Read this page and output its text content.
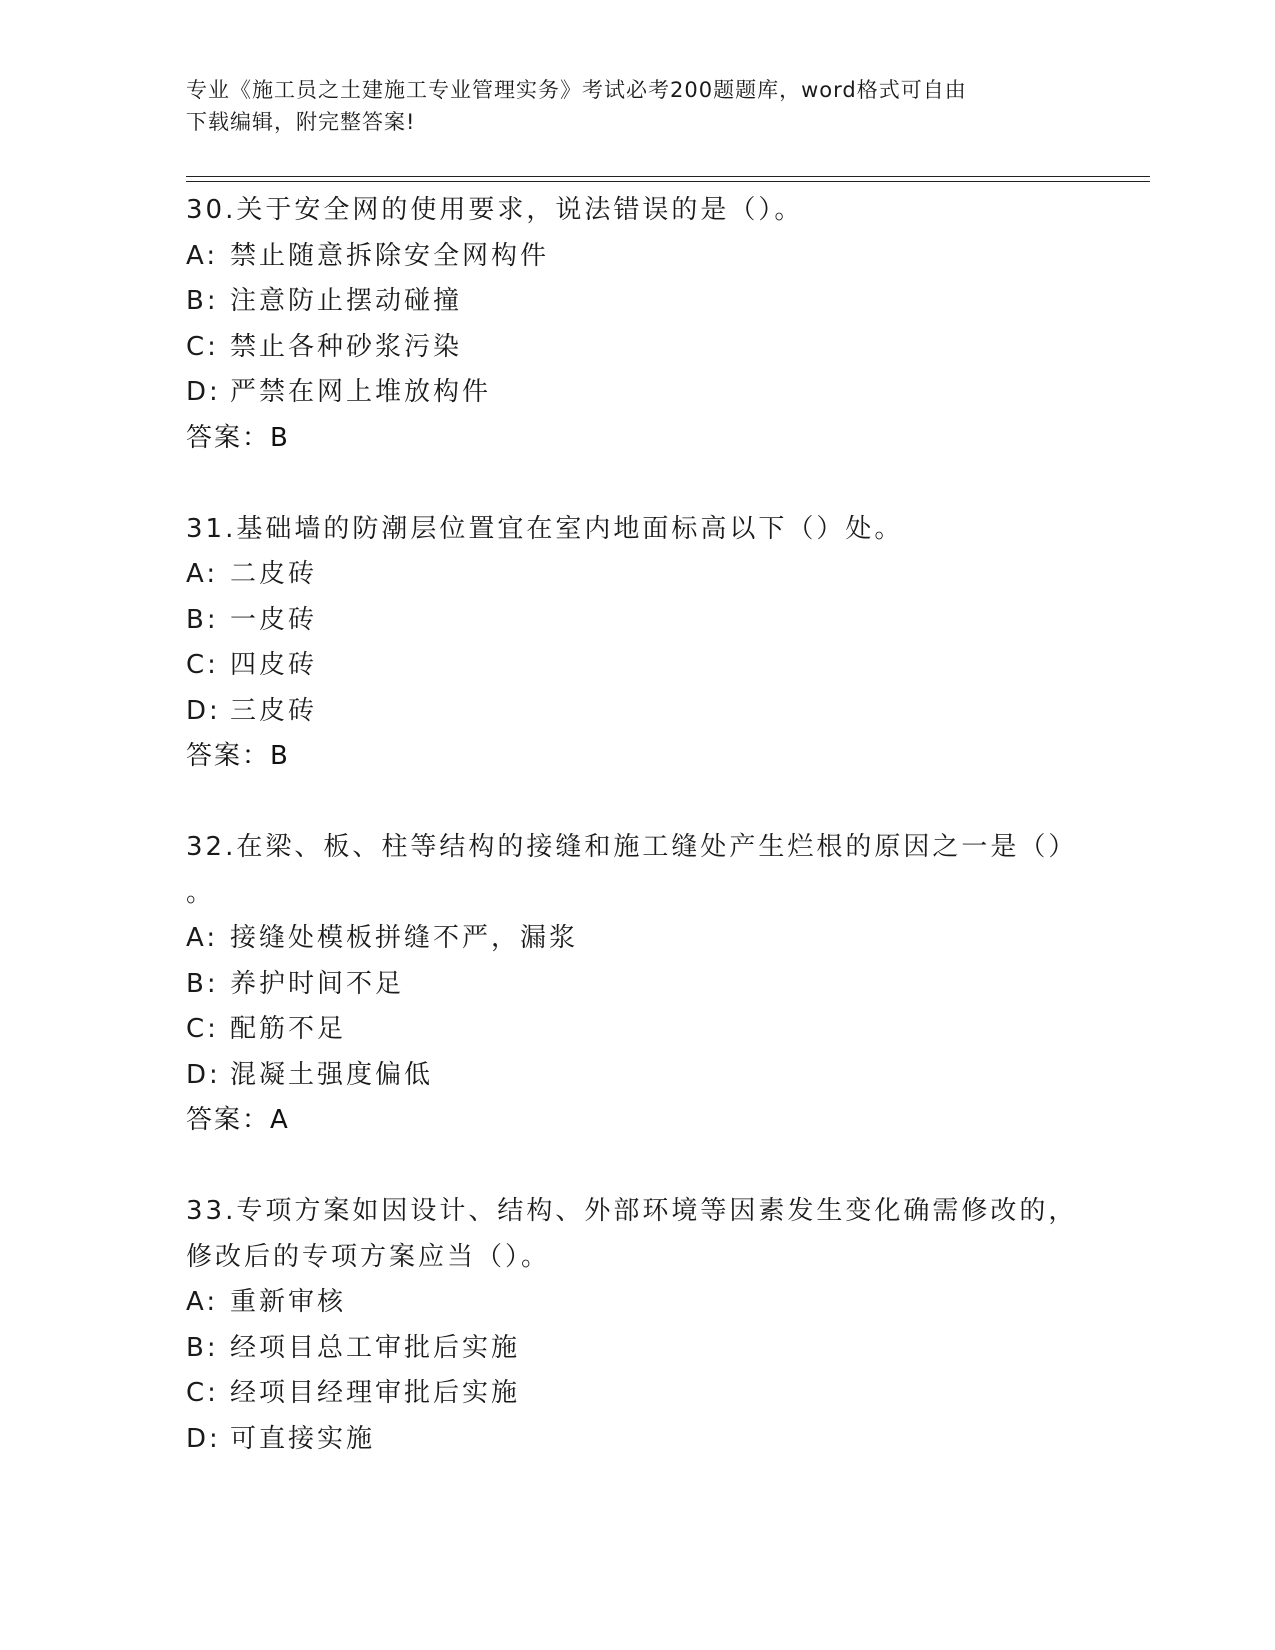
专业《施工员之土建施工专业管理实务》考试必考200题题库，word格式可自由
下载编辑，附完整答案!
30.关于安全网的使用要求，说法错误的是（）。
A: 禁止随意拆除安全网构件
B: 注意防止摆动碰撞
C: 禁止各种砂浆污染
D: 严禁在网上堆放构件
答案：B
31.基础墙的防潮层位置宜在室内地面标高以下（）处。
A: 二皮砖
B: 一皮砖
C: 四皮砖
D: 三皮砖
答案：B
32.在梁、板、柱等结构的接缝和施工缝处产生烂根的原因之一是（）
。
A: 接缝处模板拼缝不严，漏浆
B: 养护时间不足
C: 配筋不足
D: 混凝土强度偏低
答案：A
33.专项方案如因设计、结构、外部环境等因素发生变化确需修改的，
修改后的专项方案应当（）。
A: 重新审核
B: 经项目总工审批后实施
C: 经项目经理审批后实施
D: 可直接实施
